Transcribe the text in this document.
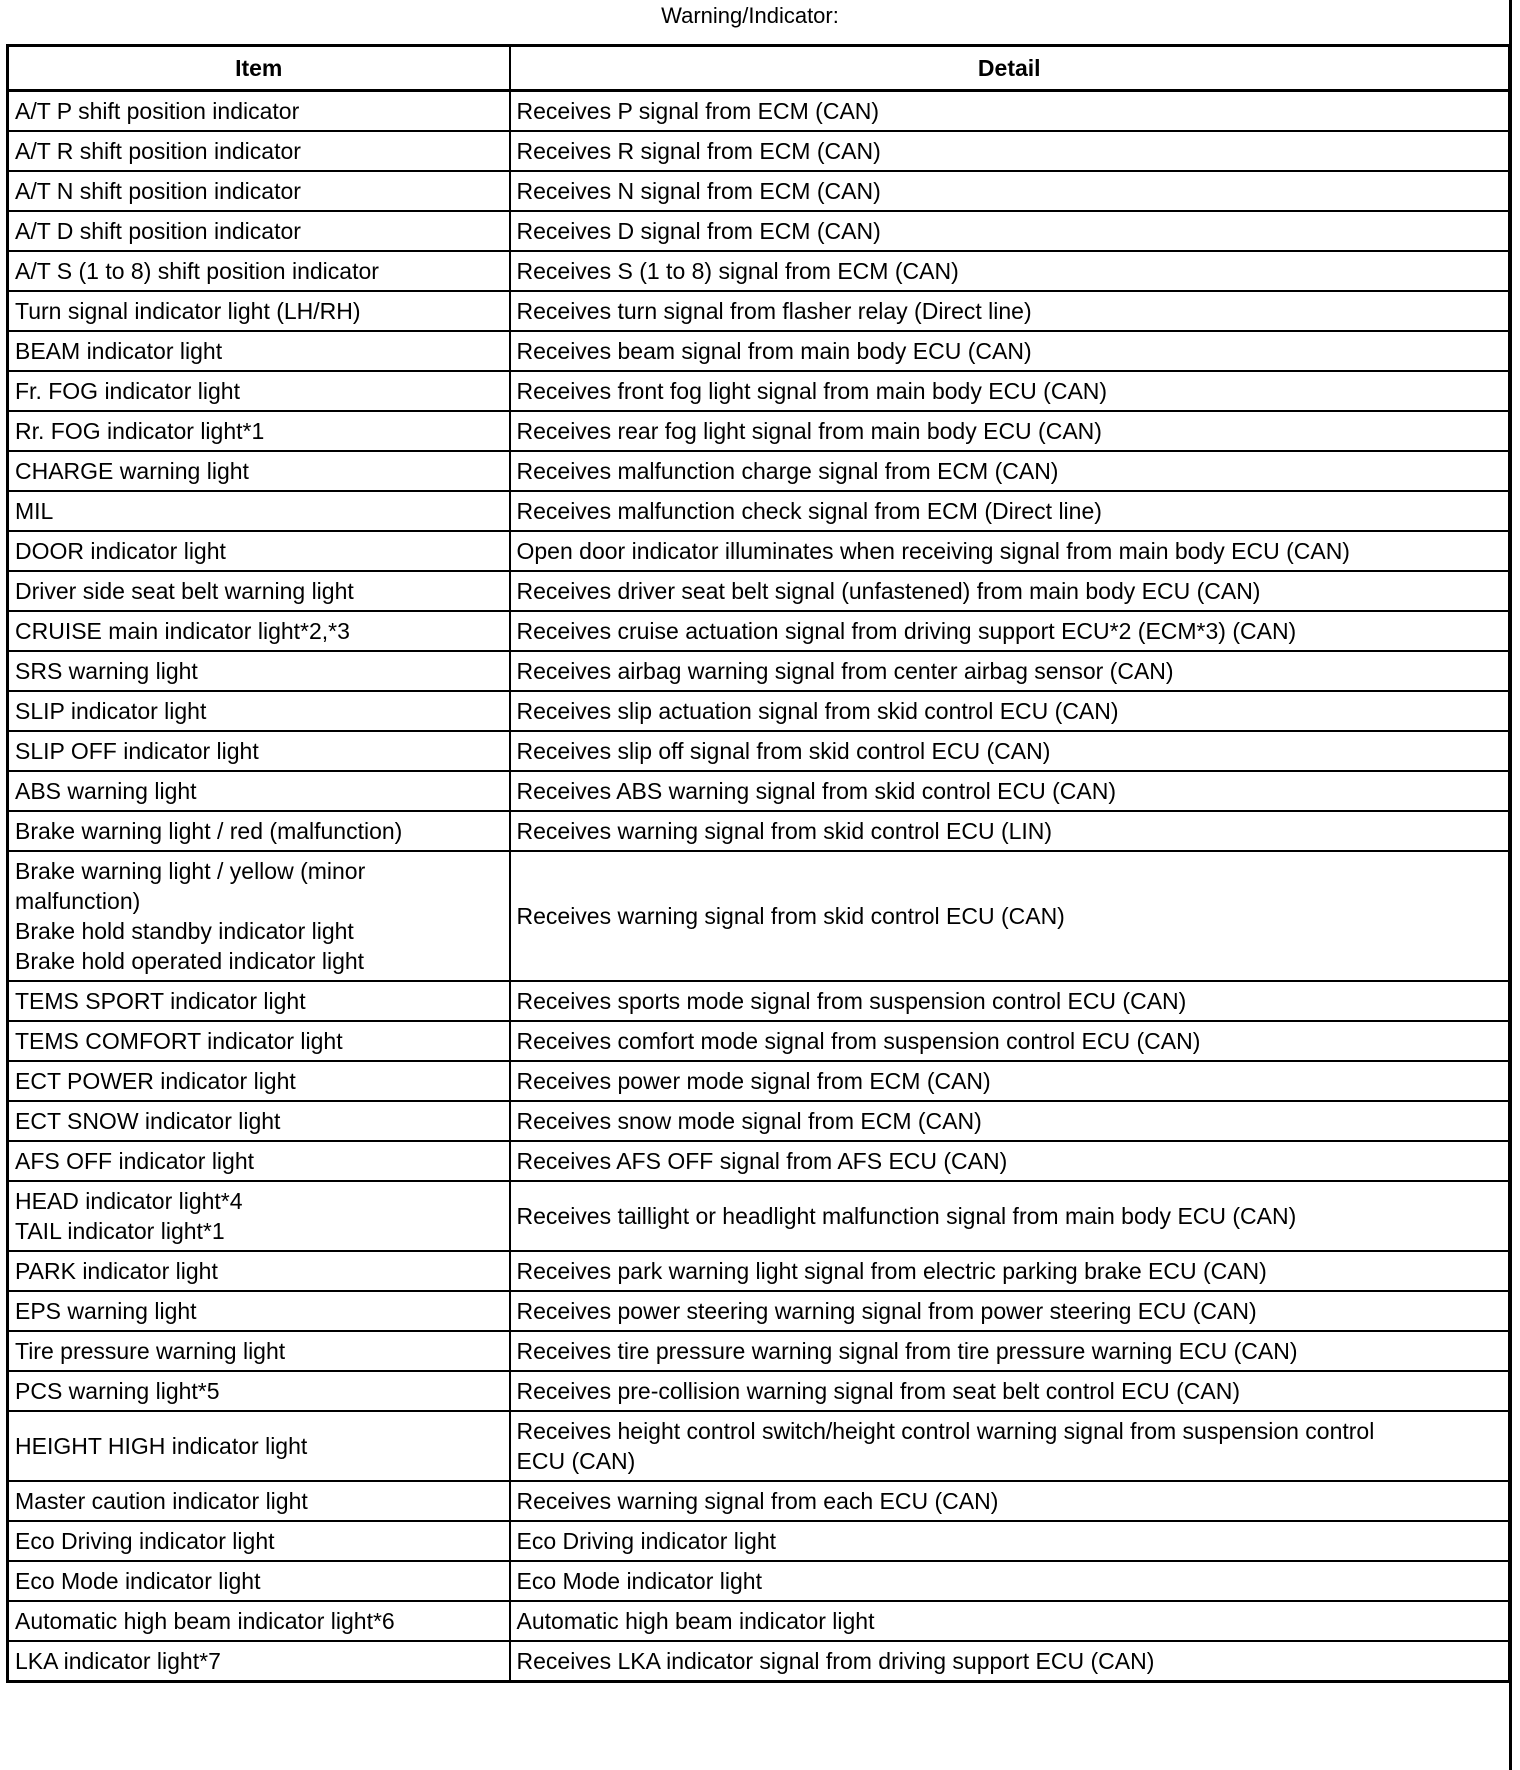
Warning/Indicator:
Item	Detail

A/T P shift position indicator	Receives P signal from ECM (CAN)

A/T R shift position indicator	Receives R signal from ECM (CAN)

A/T N shift position indicator	Receives N signal from ECM (CAN)

A/T D shift position indicator	Receives D signal from ECM (CAN)

A/T S (1 to 8) shift position indicator	Receives S (1 to 8) signal from ECM (CAN)

Turn signal indicator light (LH/RH)	Receives turn signal from flasher relay (Direct line)

BEAM indicator light	Receives beam signal from main body ECU (CAN)

Fr. FOG indicator light	Receives front fog light signal from main body ECU (CAN)

Rr. FOG indicator light*1	Receives rear fog light signal from main body ECU (CAN)

CHARGE warning light	Receives malfunction charge signal from ECM (CAN)

MIL	Receives malfunction check signal from ECM (Direct line)

DOOR indicator light	Open door indicator illuminates when receiving signal from main body ECU (CAN)

Driver side seat belt warning light	Receives driver seat belt signal (unfastened) from main body ECU (CAN)

CRUISE main indicator light*2,*3	Receives cruise actuation signal from driving support ECU*2 (ECM*3) (CAN)

SRS warning light	Receives airbag warning signal from center airbag sensor (CAN)

SLIP indicator light	Receives slip actuation signal from skid control ECU (CAN)

SLIP OFF indicator light	Receives slip off signal from skid control ECU (CAN)

ABS warning light	Receives ABS warning signal from skid control ECU (CAN)

Brake warning light / red (malfunction)	Receives warning signal from skid control ECU (LIN)

Brake warning light / yellow (minor
malfunction)
Brake hold standby indicator light
Brake hold operated indicator light	Receives warning signal from skid control ECU (CAN)

TEMS SPORT indicator light	Receives sports mode signal from suspension control ECU (CAN)

TEMS COMFORT indicator light	Receives comfort mode signal from suspension control ECU (CAN)

ECT POWER indicator light	Receives power mode signal from ECM (CAN)

ECT SNOW indicator light	Receives snow mode signal from ECM (CAN)

AFS OFF indicator light	Receives AFS OFF signal from AFS ECU (CAN)

HEAD indicator light*4
TAIL indicator light*1	Receives taillight or headlight malfunction signal from main body ECU (CAN)

PARK indicator light	Receives park warning light signal from electric parking brake ECU (CAN)

EPS warning light	Receives power steering warning signal from power steering ECU (CAN)

Tire pressure warning light	Receives tire pressure warning signal from tire pressure warning ECU (CAN)

PCS warning light*5	Receives pre-collision warning signal from seat belt control ECU (CAN)

HEIGHT HIGH indicator light	Receives height control switch/height control warning signal from suspension control
ECU (CAN)

Master caution indicator light	Receives warning signal from each ECU (CAN)

Eco Driving indicator light	Eco Driving indicator light

Eco Mode indicator light	Eco Mode indicator light

Automatic high beam indicator light*6	Automatic high beam indicator light

LKA indicator light*7	Receives LKA indicator signal from driving support ECU (CAN)
